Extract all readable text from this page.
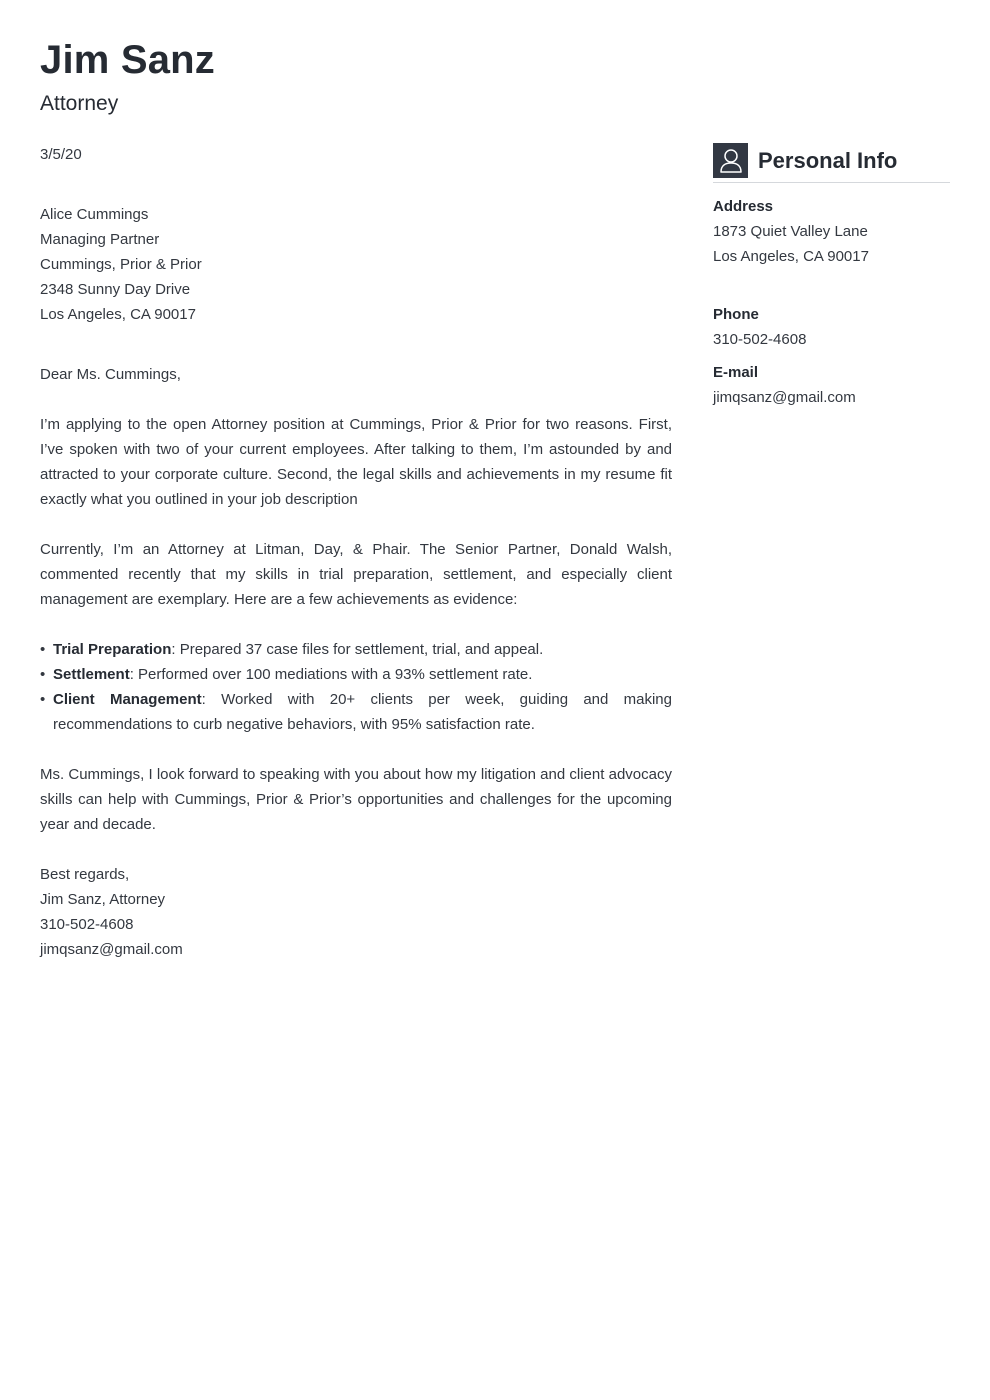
Jim Sanz
Attorney

3/5/20

Alice Cummings
Managing Partner
Cummings, Prior & Prior
2348 Sunny Day Drive
Los Angeles, CA 90017

Dear Ms. Cummings,

I’m applying to the open Attorney position at Cummings, Prior & Prior for two reasons. First, I’ve spoken with two of your current employees. After talking to them, I’m astounded by and attracted to your corporate culture. Second, the legal skills and achievements in my resume fit exactly what you outlined in your job description

Currently, I’m an Attorney at Litman, Day, & Phair. The Senior Partner, Donald Walsh, commented recently that my skills in trial preparation, settlement, and especially client management are exemplary. Here are a few achievements as evidence:

• Trial Preparation: Prepared 37 case files for settlement, trial, and appeal.
• Settlement: Performed over 100 mediations with a 93% settlement rate.
• Client Management: Worked with 20+ clients per week, guiding and making recommendations to curb negative behaviors, with 95% satisfaction rate.

Ms. Cummings, I look forward to speaking with you about how my litigation and client advocacy skills can help with Cummings, Prior & Prior’s opportunities and challenges for the upcoming year and decade.

Best regards,
Jim Sanz, Attorney
310-502-4608
jimqsanz@gmail.com
Personal Info
Address
1873 Quiet Valley Lane
Los Angeles, CA 90017
Phone
310-502-4608
E-mail
jimqsanz@gmail.com
